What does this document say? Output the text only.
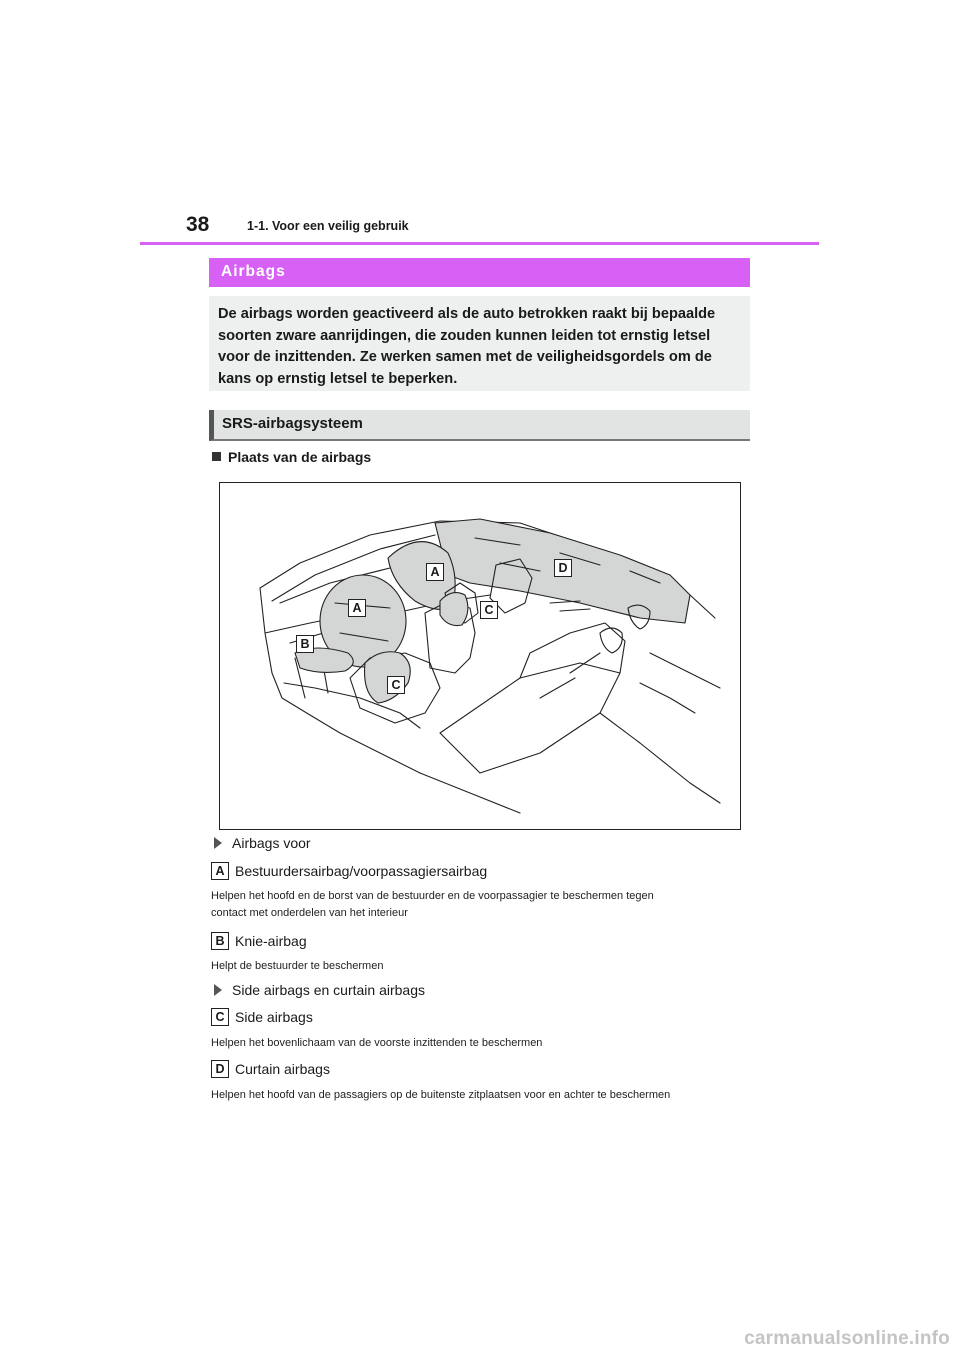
38	1-1. Voor een veilig gebruik
Airbags
De airbags worden geactiveerd als de auto betrokken raakt bij bepaalde
soorten zware aanrijdingen, die zouden kunnen leiden tot ernstig letsel
voor de inzittenden. Ze werken samen met de veiligheidsgordels om de
kans op ernstig letsel te beperken.
SRS-airbagsysteem
Plaats van de airbags
A
A
B
C
C
D
Airbags voor
A Bestuurdersairbag/voorpassagiersairbag
Helpen het hoofd en de borst van de bestuurder en de voorpassagier te beschermen tegen
contact met onderdelen van het interieur
B Knie-airbag
Helpt de bestuurder te beschermen
Side airbags en curtain airbags
C Side airbags
Helpen het bovenlichaam van de voorste inzittenden te beschermen
D Curtain airbags
Helpen het hoofd van de passagiers op de buitenste zitplaatsen voor en achter te beschermen
carmanualsonline.info
